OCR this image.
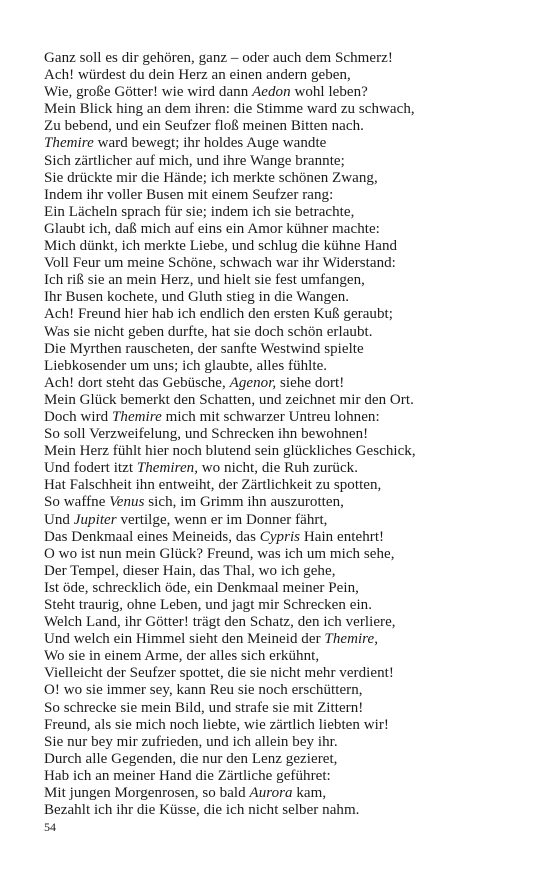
Ganz soll es dir gehören, ganz – oder auch dem Schmerz!
Ach! würdest du dein Herz an einen andern geben,
Wie, große Götter! wie wird dann Aedon wohl leben?
Mein Blick hing an dem ihren: die Stimme ward zu schwach,
Zu bebend, und ein Seufzer floß meinen Bitten nach.
Themire ward bewegt; ihr holdes Auge wandte
Sich zärtlicher auf mich, und ihre Wange brannte;
Sie drückte mir die Hände; ich merkte schönen Zwang,
Indem ihr voller Busen mit einem Seufzer rang:
Ein Lächeln sprach für sie; indem ich sie betrachte,
Glaubt ich, daß mich auf eins ein Amor kühner machte:
Mich dünkt, ich merkte Liebe, und schlug die kühne Hand
Voll Feur um meine Schöne, schwach war ihr Widerstand:
Ich riß sie an mein Herz, und hielt sie fest umfangen,
Ihr Busen kochete, und Gluth stieg in die Wangen.
Ach! Freund hier hab ich endlich den ersten Kuß geraubt;
Was sie nicht geben durfte, hat sie doch schön erlaubt.
Die Myrthen rauscheten, der sanfte Westwind spielte
Liebkosender um uns; ich glaubte, alles fühlte.
Ach! dort steht das Gebüsche, Agenor, siehe dort!
Mein Glück bemerkt den Schatten, und zeichnet mir den Ort.
Doch wird Themire mich mit schwarzer Untreu lohnen:
So soll Verzweifelung, und Schrecken ihn bewohnen!
Mein Herz fühlt hier noch blutend sein glückliches Geschick,
Und fodert itzt Themiren, wo nicht, die Ruh zurück.
Hat Falschheit ihn entweiht, der Zärtlichkeit zu spotten,
So waffne Venus sich, im Grimm ihn auszurotten,
Und Jupiter vertilge, wenn er im Donner fährt,
Das Denkmaal eines Meineids, das Cypris Hain entehrt!
O wo ist nun mein Glück? Freund, was ich um mich sehe,
Der Tempel, dieser Hain, das Thal, wo ich gehe,
Ist öde, schrecklich öde, ein Denkmaal meiner Pein,
Steht traurig, ohne Leben, und jagt mir Schrecken ein.
Welch Land, ihr Götter! trägt den Schatz, den ich verliere,
Und welch ein Himmel sieht den Meineid der Themire,
Wo sie in einem Arme, der alles sich erkühnt,
Vielleicht der Seufzer spottet, die sie nicht mehr verdient!
O! wo sie immer sey, kann Reu sie noch erschüttern,
So schrecke sie mein Bild, und strafe sie mit Zittern!
Freund, als sie mich noch liebte, wie zärtlich liebten wir!
Sie nur bey mir zufrieden, und ich allein bey ihr.
Durch alle Gegenden, die nur den Lenz gezieret,
Hab ich an meiner Hand die Zärtliche geführet:
Mit jungen Morgenrosen, so bald Aurora kam,
Bezahlt ich ihr die Küsse, die ich nicht selber nahm.
54
